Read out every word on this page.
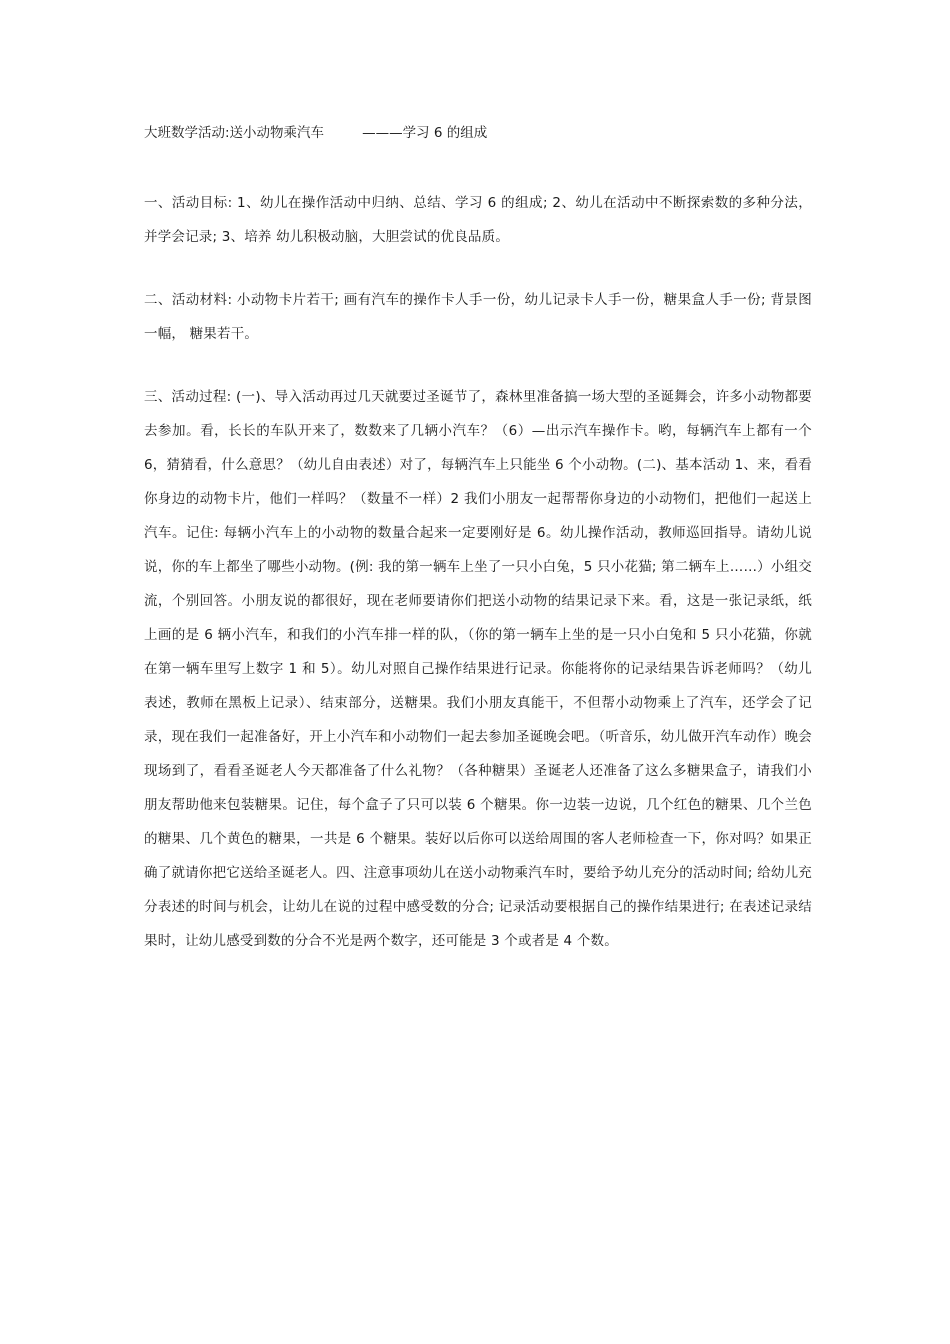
大班数学活动:送小动物乘汽车	———学习 6 的组成

一、活动目标: 1、幼儿在操作活动中归纳、总结、学习 6 的组成; 2、幼儿在活动中不断探索数的多种分法，并学会记录; 3、培养 幼儿积极动脑，大胆尝试的优良品质。

二、活动材料: 小动物卡片若干; 画有汽车的操作卡人手一份，幼儿记录卡人手一份，糖果盒人手一份; 背景图一幅， 糖果若干。

三、活动过程: (一)、导入活动再过几天就要过圣诞节了，森林里准备搞一场大型的圣诞舞会，许多小动物都要去参加。看，长长的车队开来了，数数来了几辆小汽车？（6）—出示汽车操作卡。哟，每辆汽车上都有一个 6，猜猜看，什么意思？（幼儿自由表述）对了，每辆汽车上只能坐 6 个小动物。(二)、基本活动 1、来，看看你身边的动物卡片，他们一样吗？（数量不一样）2 我们小朋友一起帮帮你身边的小动物们，把他们一起送上汽车。记住: 每辆小汽车上的小动物的数量合起来一定要刚好是 6。幼儿操作活动，教师巡回指导。请幼儿说说，你的车上都坐了哪些小动物。(例: 我的第一辆车上坐了一只小白兔，5 只小花猫; 第二辆车上……）小组交流，个别回答。小朋友说的都很好，现在老师要请你们把送小动物的结果记录下来。看，这是一张记录纸，纸上画的是 6 辆小汽车，和我们的小汽车排一样的队，（你的第一辆车上坐的是一只小白兔和 5 只小花猫，你就在第一辆车里写上数字 1 和 5）。幼儿对照自己操作结果进行记录。你能将你的记录结果告诉老师吗？（幼儿表述，教师在黑板上记录）、结束部分，送糖果。我们小朋友真能干，不但帮小动物乘上了汽车，还学会了记录，现在我们一起准备好，开上小汽车和小动物们一起去参加圣诞晚会吧。（听音乐，幼儿做开汽车动作）晚会现场到了，看看圣诞老人今天都准备了什么礼物？（各种糖果）圣诞老人还准备了这么多糖果盒子，请我们小朋友帮助他来包装糖果。记住，每个盒子了只可以装 6 个糖果。你一边装一边说，几个红色的糖果、几个兰色的糖果、几个黄色的糖果，一共是 6 个糖果。装好以后你可以送给周围的客人老师检查一下，你对吗？如果正确了就请你把它送给圣诞老人。四、注意事项幼儿在送小动物乘汽车时，要给予幼儿充分的活动时间; 给幼儿充分表述的时间与机会，让幼儿在说的过程中感受数的分合; 记录活动要根据自己的操作结果进行; 在表述记录结果时，让幼儿感受到数的分合不光是两个数字，还可能是 3 个或者是 4 个数。
